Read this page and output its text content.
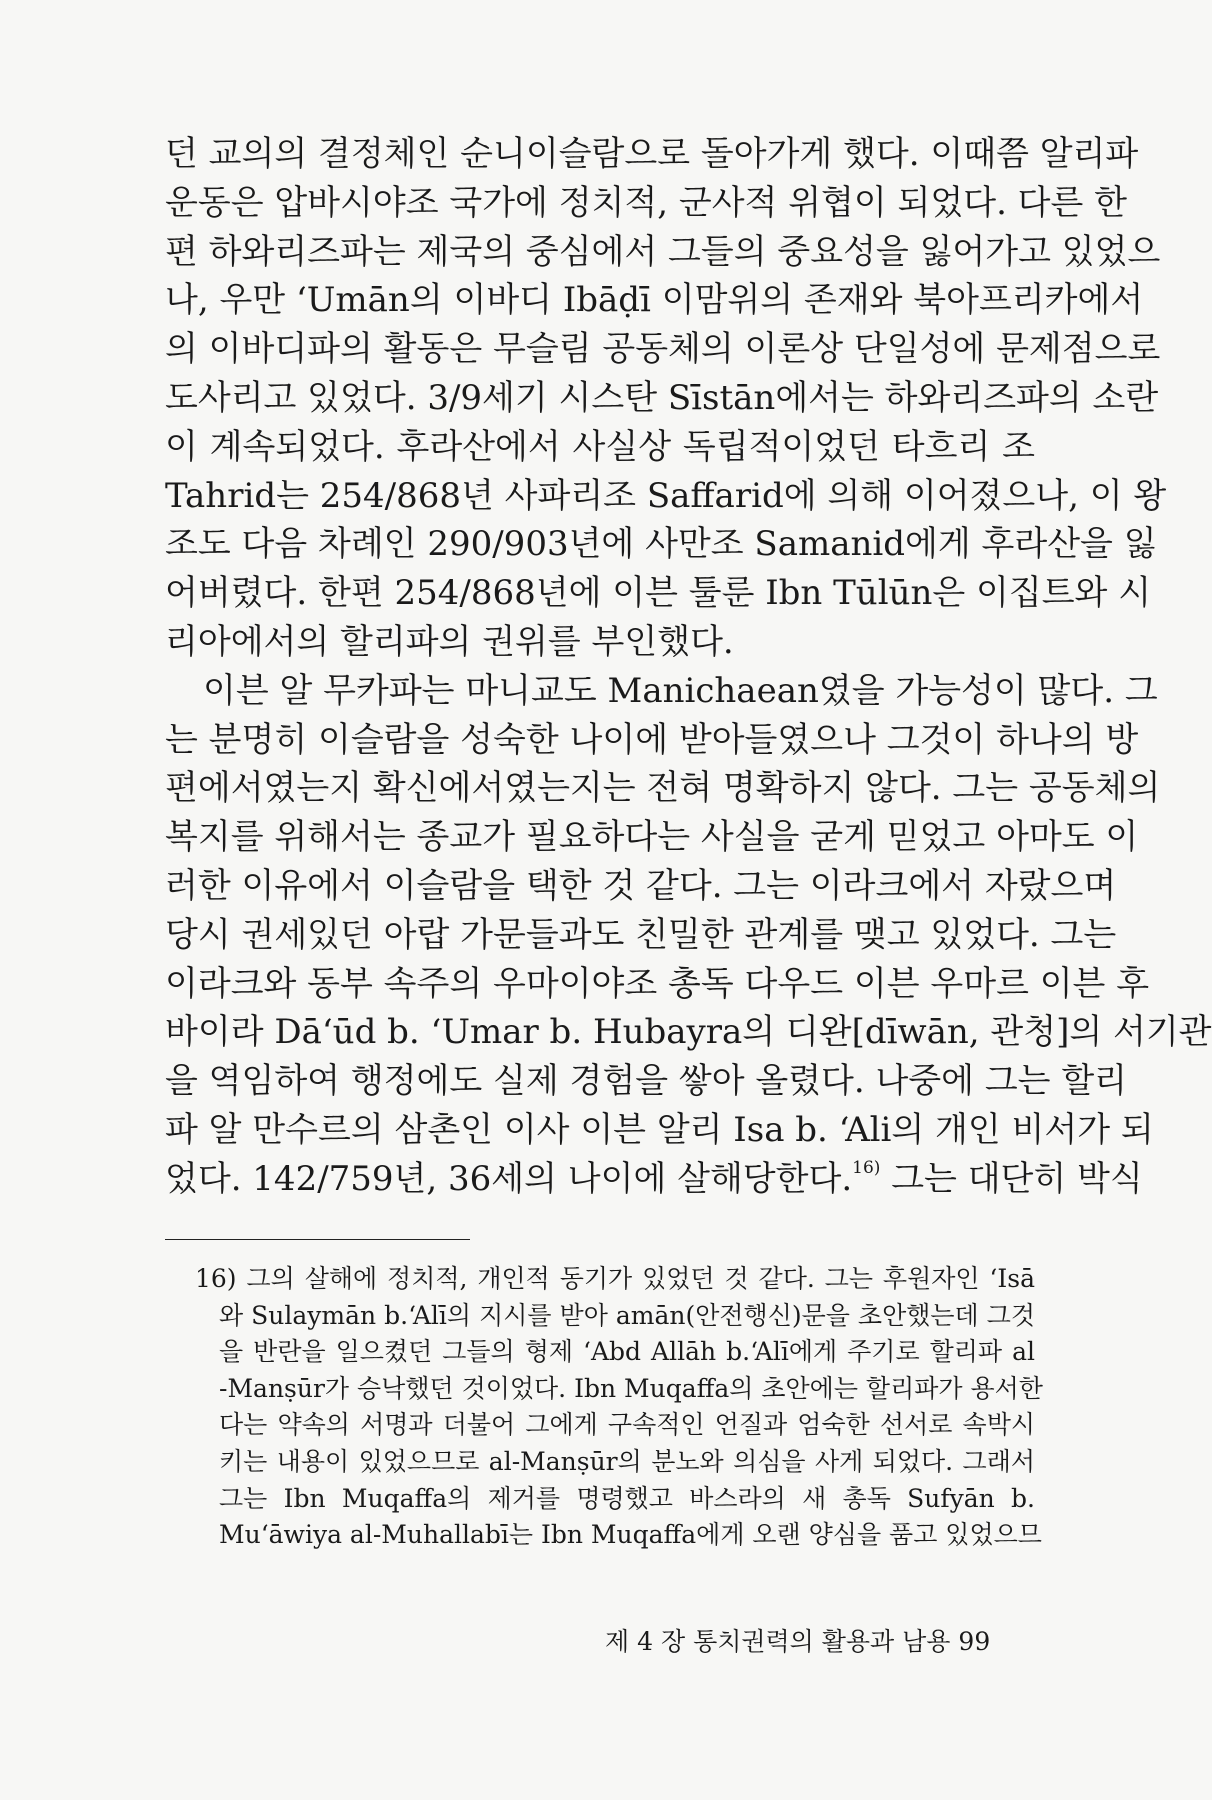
던 교의의 결정체인 순니이슬람으로 돌아가게 했다. 이때쯤 알리파
운동은 압바시야조 국가에 정치적, 군사적 위협이 되었다. 다른 한
편 하와리즈파는 제국의 중심에서 그들의 중요성을 잃어가고 있었으
나, 우만 ‘Umān의 이바디 Ibāḍī 이맘위의 존재와 북아프리카에서
의 이바디파의 활동은 무슬림 공동체의 이론상 단일성에 문제점으로
도사리고 있었다. 3/9세기 시스탄 Sīstān에서는 하와리즈파의 소란
이 계속되었다. 후라산에서 사실상 독립적이었던 타흐리 조
Tahrid는 254/868년 사파리조 Saffarid에 의해 이어졌으나, 이 왕
조도 다음 차례인 290/903년에 사만조 Samanid에게 후라산을 잃
어버렸다. 한편 254/868년에 이븐 툴룬 Ibn Tūlūn은 이집트와 시
리아에서의 할리파의 권위를 부인했다.
이븐 알 무카파는 마니교도 Manichaean였을 가능성이 많다. 그
는 분명히 이슬람을 성숙한 나이에 받아들였으나 그것이 하나의 방
편에서였는지 확신에서였는지는 전혀 명확하지 않다. 그는 공동체의
복지를 위해서는 종교가 필요하다는 사실을 굳게 믿었고 아마도 이
러한 이유에서 이슬람을 택한 것 같다. 그는 이라크에서 자랐으며
당시 권세있던 아랍 가문들과도 친밀한 관계를 맺고 있었다. 그는
이라크와 동부 속주의 우마이야조 총독 다우드 이븐 우마르 이븐 후
바이라 Dā‘ūd b. ‘Umar b. Hubayra의 디완[dīwān, 관청]의 서기관
을 역임하여 행정에도 실제 경험을 쌓아 올렸다. 나중에 그는 할리
파 알 만수르의 삼촌인 이사 이븐 알리 Isa b. ‘Ali의 개인 비서가 되
었다. 142/759년, 36세의 나이에 살해당한다.$^{16)}$ 그는 대단히 박식
16) 그의 살해에 정치적, 개인적 동기가 있었던 것 같다. 그는 후원자인 ‘Isā
와 Sulaymān b.‘Alī의 지시를 받아 amān(안전행신)문을 초안했는데 그것
을 반란을 일으켰던 그들의 형제 ‘Abd Allāh b.‘Alī에게 주기로 할리파 al
-Manṣūr가 승낙했던 것이었다. Ibn Muqaffa의 초안에는 할리파가 용서한
다는 약속의 서명과 더불어 그에게 구속적인 언질과 엄숙한 선서로 속박시
키는 내용이 있었으므로 al-Manṣūr의 분노와 의심을 사게 되었다. 그래서
그는 Ibn Muqaffa의 제거를 명령했고 바스라의 새 총독 Sufyān b.
Mu‘āwiya al-Muhallabī는 Ibn Muqaffa에게 오랜 양심을 품고 있었으므
제 4 장 통치권력의 활용과 남용 99
